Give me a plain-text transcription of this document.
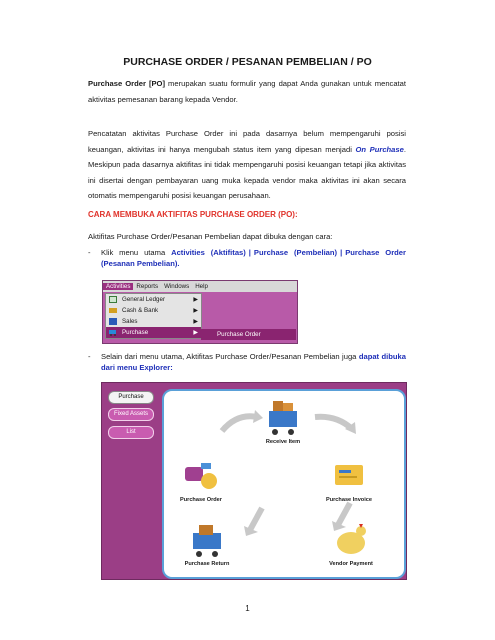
PURCHASE ORDER / PESANAN PEMBELIAN / PO

Purchase Order [PO] merupakan suatu formulir yang dapat Anda gunakan untuk mencatat aktivitas pemesanan barang kepada Vendor.

Pencatatan aktivitas Purchase Order ini pada dasarnya belum mempengaruhi posisi keuangan, aktivitas ini hanya mengubah status item yang dipesan menjadi On Purchase. Meskipun pada dasarnya aktifitas ini tidak mempengaruhi posisi keuangan tetapi jika aktivitas ini disertai dengan pembayaran uang muka kepada vendor maka aktivitas ini akan secara otomatis mempengaruhi posisi keuangan perusahaan.

CARA MEMBUKA AKTIFITAS PURCHASE ORDER (PO):
Aktifitas Purchase Order/Pesanan Pembelian dapat dibuka dengan cara:
- Klik menu utama Activities (Aktifitas) | Purchase (Pembelian) | Purchase Order (Pesanan Pembelian).
Activities Reports Windows Help
General Ledger	▶
Cash & Bank	▶
Sales	▶
Purchase	▶	Purchase Order
- Selain dari menu utama, Aktifitas Purchase Order/Pesanan Pembelian juga dapat dibuka dari menu Explorer:
Purchase
Fixed Assets
List
Receive Item
Purchase Order	Purchase Invoice
Purchase Return	Vendor Payment
1
